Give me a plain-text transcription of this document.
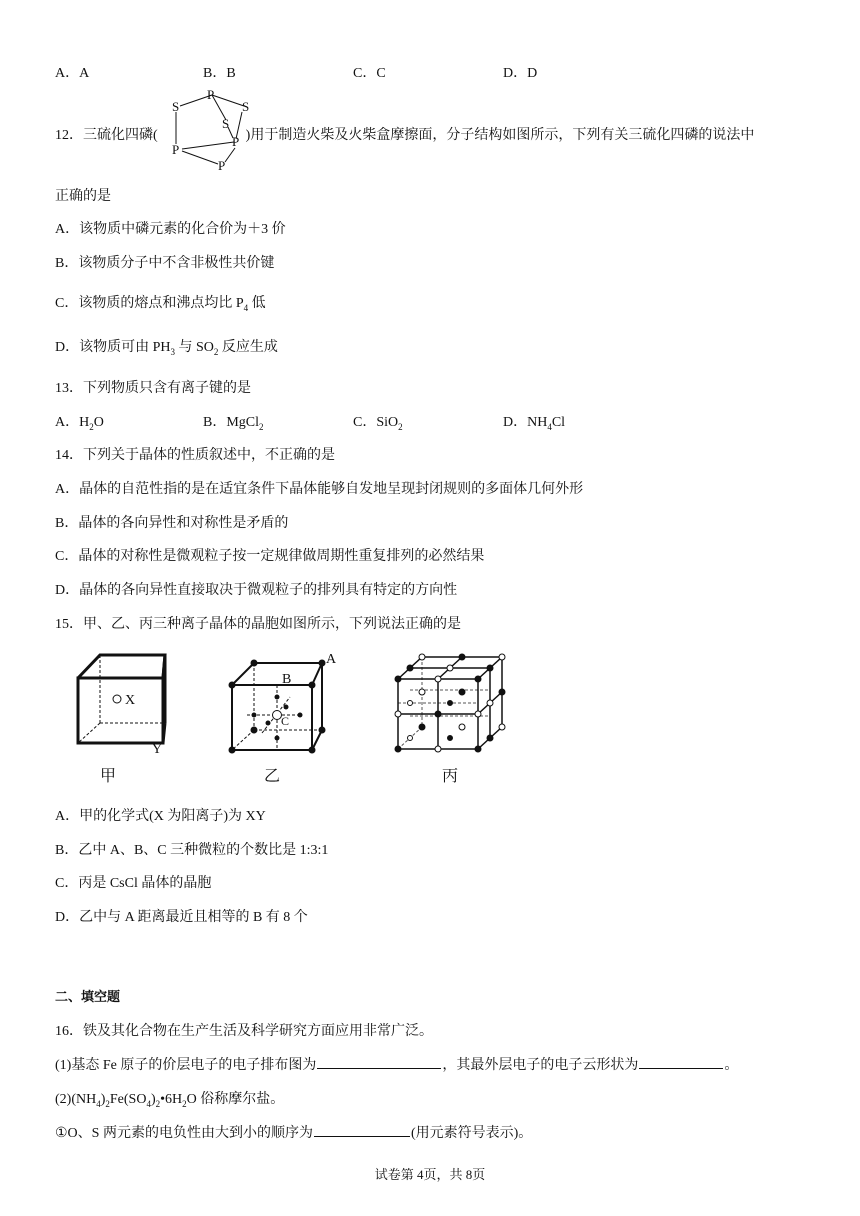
A．A	B．B	C．C	D．D
12．三硫化四磷(	)用于制造火柴及火柴盒摩擦面，分子结构如图所示，下列有关三硫化四磷的说法中
P
S	S
S
P
P
P
正确的是
A．该物质中磷元素的化合价为＋3 价
B．该物质分子中不含非极性共价键
C．该物质的熔点和沸点均比 $P_4$ 低
D．该物质可由 $PH_3$ 与 $SO_2$ 反应生成
13．下列物质只含有离子键的是
A．$H_2O$	B．MgCl$_2$	C．SiO$_2$	D．$NH_4Cl$
14．下列关于晶体的性质叙述中，不正确的是
A．晶体的自范性指的是在适宜条件下晶体能够自发地呈现封闭规则的多面体几何外形
B．晶体的各向异性和对称性是矛盾的
C．晶体的对称性是微观粒子按一定规律做周期性重复排列的必然结果
D．晶体的各向异性直接取决于微观粒子的排列具有特定的方向性
15．甲、乙、丙三种离子晶体的晶胞如图所示，下列说法正确的是
X
Y
甲
A
B
C
乙	丙
A．甲的化学式(X 为阳离子)为 XY
B．乙中 A、B、C 三种微粒的个数比是 1:3:1
C．丙是 CsCl 晶体的晶胞
D．乙中与 A 距离最近且相等的 B 有 8 个
二、填空题
16．铁及其化合物在生产生活及科学研究方面应用非常广泛。
(1)基态 Fe 原子的价层电子的电子排布图为	，其最外层电子的电子云形状为	。
$(2)(NH_4)_2Fe(SO_4)_2•6H_2O$ 俗称摩尔盐。
①O、S 两元素的电负性由大到小的顺序为	(用元素符号表示)。
试卷第 4页，共 8页
